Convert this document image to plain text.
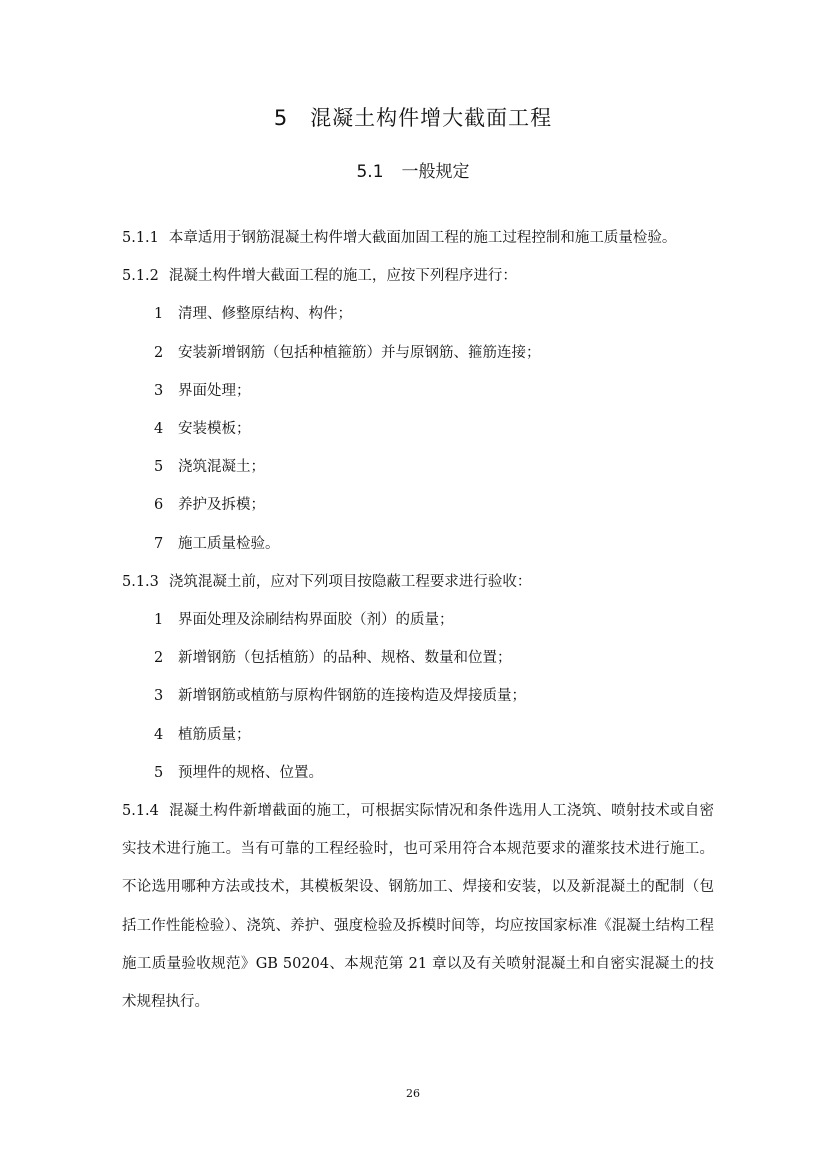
5 混凝土构件增大截面工程
5.1 一般规定

5.1.1 本章适用于钢筋混凝土构件增大截面加固工程的施工过程控制和施工质量检验。

5.1.2 混凝土构件增大截面工程的施工，应按下列程序进行：

1 清理、修整原结构、构件；

2 安装新增钢筋（包括种植箍筋）并与原钢筋、箍筋连接；

3 界面处理；

4 安装模板；

5 浇筑混凝土；

6 养护及拆模；

7 施工质量检验。

5.1.3 浇筑混凝土前，应对下列项目按隐蔽工程要求进行验收：

1 界面处理及涂刷结构界面胶（剂）的质量；

2 新增钢筋（包括植筋）的品种、规格、数量和位置；

3 新增钢筋或植筋与原构件钢筋的连接构造及焊接质量；

4 植筋质量；

5 预埋件的规格、位置。

5.1.4 混凝土构件新增截面的施工，可根据实际情况和条件选用人工浇筑、喷射技术或自密实技术进行施工。当有可靠的工程经验时，也可采用符合本规范要求的灌浆技术进行施工。不论选用哪种方法或技术，其模板架设、钢筋加工、焊接和安装，以及新混凝土的配制（包括工作性能检验）、浇筑、养护、强度检验及拆模时间等，均应按国家标准《混凝土结构工程施工质量验收规范》GB 50204、本规范第 21 章以及有关喷射混凝土和自密实混凝土的技术规程执行。

26
